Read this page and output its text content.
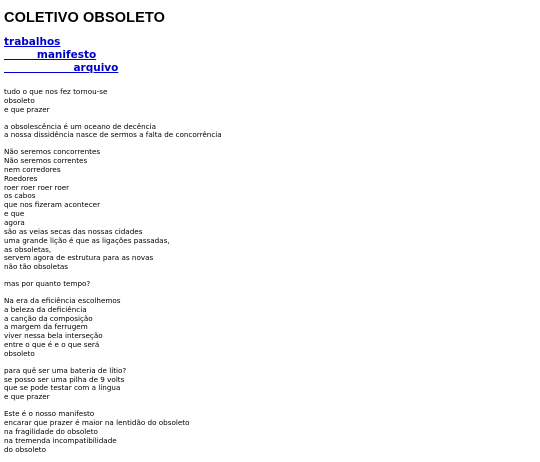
COLETIVO OBSOLETO
trabalhos
manifesto
arquivo

tudo o que nos fez tornou-se
obsoleto
e que prazer

a obsolescência é um oceano de decência
a nossa dissidência nasce de sermos a falta de concorrência

Não seremos concorrentes
Não seremos correntes
nem corredores
Roedores
roer roer roer roer
os cabos
que nos fizeram acontecer
e que
agora
são as veias secas das nossas cidades
uma grande lição é que as ligações passadas,
as obsoletas,
servem agora de estrutura para as novas
não tão obsoletas

mas por quanto tempo?

Na era da eficiência escolhemos
a beleza da deficiência
a canção da composição
a margem da ferrugem
viver nessa bela interseção
entre o que é e o que será
obsoleto

para quê ser uma bateria de lítio?
se posso ser uma pilha de 9 volts
que se pode testar com a língua
e que prazer

Este é o nosso manifesto
encarar que prazer é maior na lentidão do obsoleto
na fragilidade do obsoleto
na tremenda incompatibilidade
do obsoleto
